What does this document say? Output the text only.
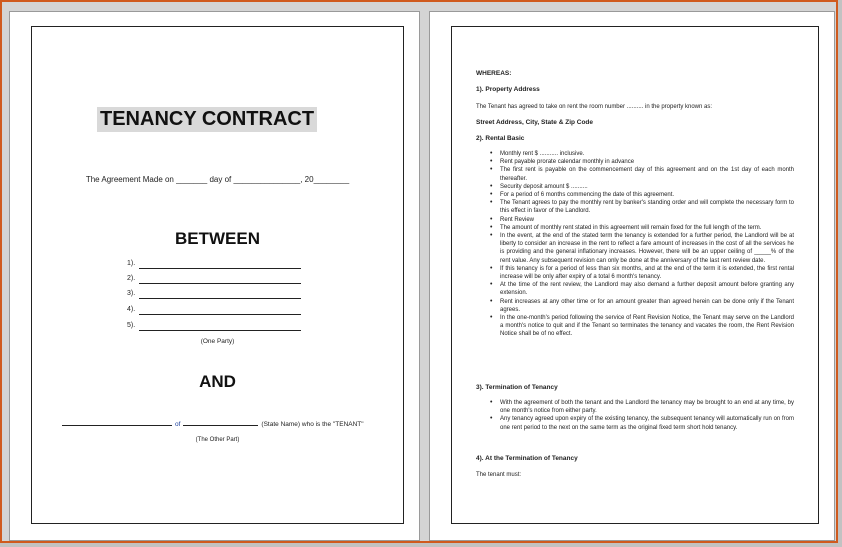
TENANCY CONTRACT
The Agreement Made on _______ day of _______________, 20________
BETWEEN
1).
2).
3).
4).
5).
(One Party)
AND
of	(State Name) who is the "TENANT"
(The Other Part)
WHEREAS:
1). Property Address
The Tenant has agreed to take on rent the room number .......... in the property known as:
Street Address, City, State & Zip Code
2). Rental Basic
• Monthly rent $ ........... inclusive.
• Rent payable prorate calendar monthly in advance
• The first rent is payable on the commencement day of this agreement and on the 1st day of each month thereafter.
• Security deposit amount $ ..........
• For a period of 6 months commencing the date of this agreement.
• The Tenant agrees to pay the monthly rent by banker's standing order and will complete the necessary form to this effect in favor of the Landlord.
• Rent Review
• The amount of monthly rent stated in this agreement will remain fixed for the full length of the term.
• In the event, at the end of the stated term the tenancy is extended for a further period, the Landlord will be at liberty to consider an increase in the rent to reflect a fare amount of increases in the cost of all the services he is providing and the general inflationary increases. However, there will be an upper ceiling of _____% of the rent value. Any subsequent revision can only be done at the anniversary of the last rent review date.
• If this tenancy is for a period of less than six months, and at the end of the term it is extended, the first rental increase will be only after expiry of a total 6 month's tenancy.
• At the time of the rent review, the Landlord may also demand a further deposit amount before granting any extension.
• Rent increases at any other time or for an amount greater than agreed herein can be done only if the Tenant agrees.
• In the one-month's period following the service of Rent Revision Notice, the Tenant may serve on the Landlord a month's notice to quit and if the Tenant so terminates the tenancy and vacates the room, the Rent Revision Notice shall be of no effect.
3). Termination of Tenancy
• With the agreement of both the tenant and the Landlord the tenancy may be brought to an end at any time, by one month's notice from either party.
• Any tenancy agreed upon expiry of the existing tenancy, the subsequent tenancy will automatically run on from one rent period to the next on the same term as the original fixed term short hold tenancy.
4). At the Termination of Tenancy
The tenant must:
